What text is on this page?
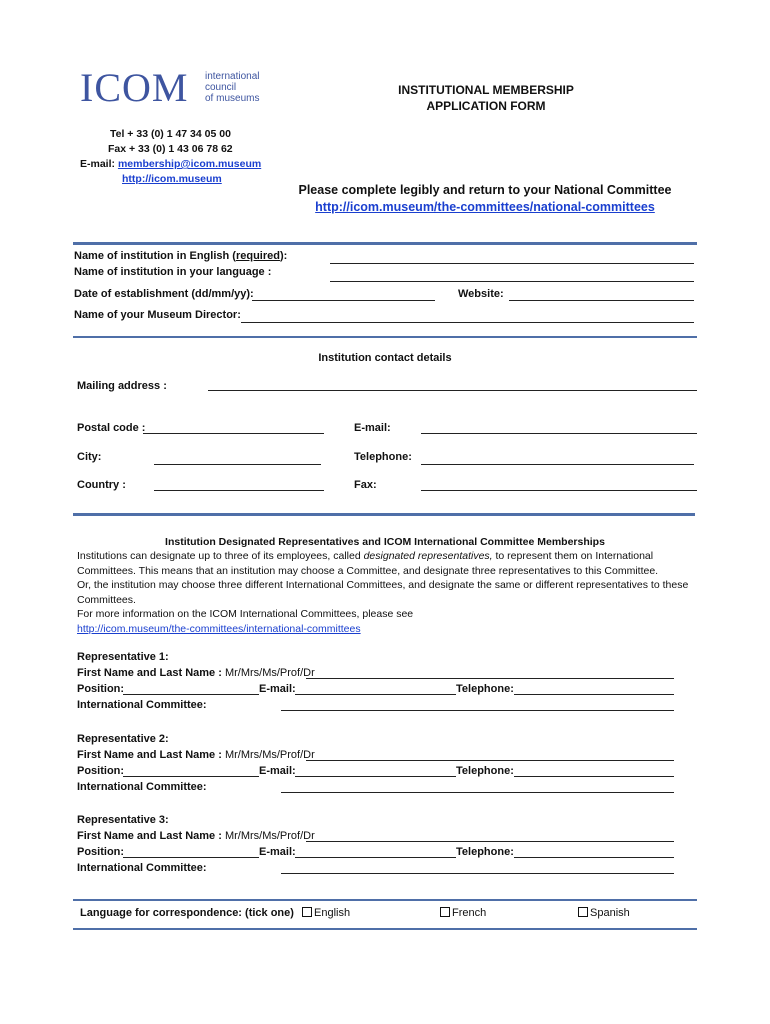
ICOM international
council
of museums
INSTITUTIONAL MEMBERSHIP
APPLICATION FORM
Tel + 33 (0) 1 47 34 05 00
Fax + 33 (0) 1 43 06 78 62
E-mail: membership@icom.museum
http://icom.museum
Please complete legibly and return to your National Committee
http://icom.museum/the-committees/national-committees
Name of institution in English (required):
Name of institution in your language :
Date of establishment (dd/mm/yy):	Website:
Name of your Museum Director:
Institution contact details
Mailing address :
Postal code :	E-mail:
City:	Telephone:
Country :	Fax:
Institution Designated Representatives and ICOM International Committee Memberships
Institutions can designate up to three of its employees, called designated representatives, to represent them on International
Committees. This means that an institution may choose a Committee, and designate three representatives to this Committee.
Or, the institution may choose three different International Committees, and designate the same or different representatives to these
Committees.
For more information on the ICOM International Committees, please see
http://icom.museum/the-committees/international-committees
Representative 1:
First Name and Last Name : Mr/Mrs/Ms/Prof/Dr
Position:	E-mail:	Telephone:
International Committee:
Representative 2:
First Name and Last Name : Mr/Mrs/Ms/Prof/Dr
Position:	E-mail:	Telephone:
International Committee:
Representative 3:
First Name and Last Name : Mr/Mrs/Ms/Prof/Dr
Position:	E-mail:	Telephone:
International Committee:
Language for correspondence: (tick one)	English	French	Spanish
